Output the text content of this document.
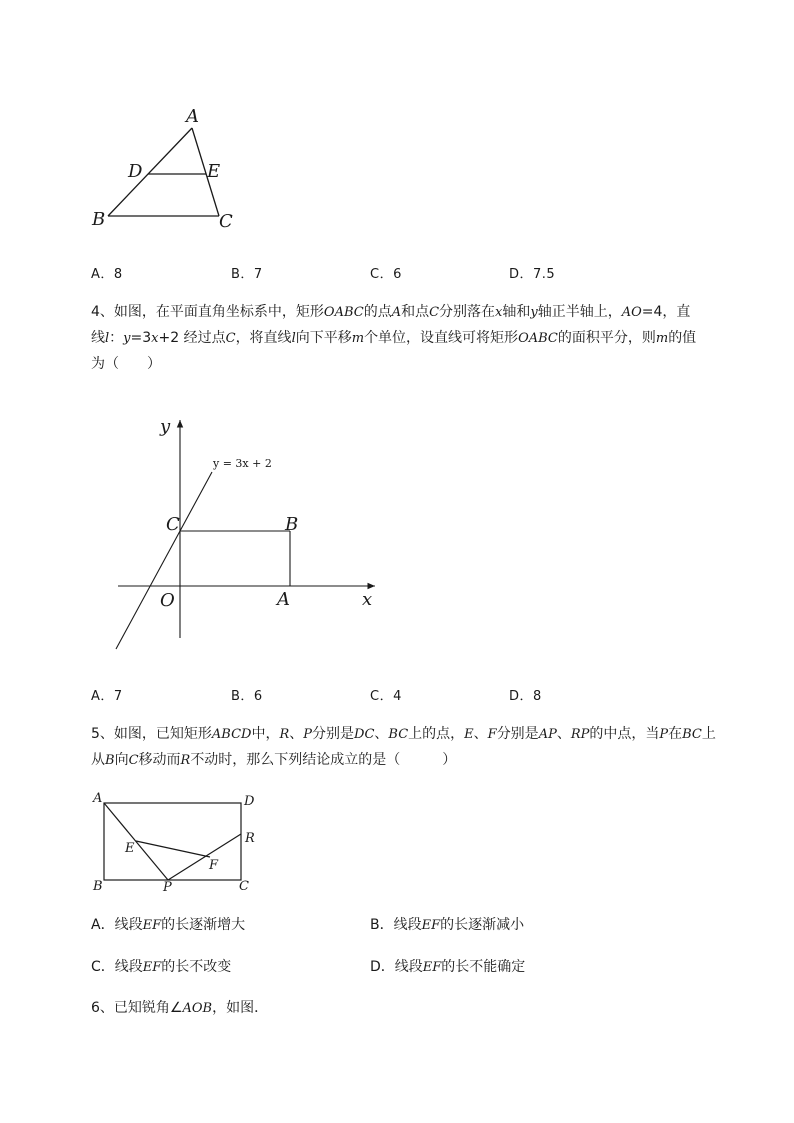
A
D	E
B	C
A．8	B．7	C．6	D．7.5
4、如图，在平面直角坐标系中，矩形OABC的点A和点C分别落在x轴和y轴正半轴上，AO=4，直
线l：y=3x+2 经过点C，将直线l向下平移m个单位，设直线可将矩形OABC的面积平分，则m的值
为（　　）
y
x
O	A
B
C
y = 3x + 2
A．7	B．6	C．4	D．8
5、如图，已知矩形ABCD中，R、P分别是DC、BC上的点，E、F分别是AP、RP的中点，当P在BC上
从B向C移动而R不动时，那么下列结论成立的是（　　　）
A	D
B	C
R
E
F
P
A．线段EF的长逐渐增大	B．线段EF的长逐渐减小
C．线段EF的长不改变	D．线段EF的长不能确定
6、已知锐角∠AOB，如图．
